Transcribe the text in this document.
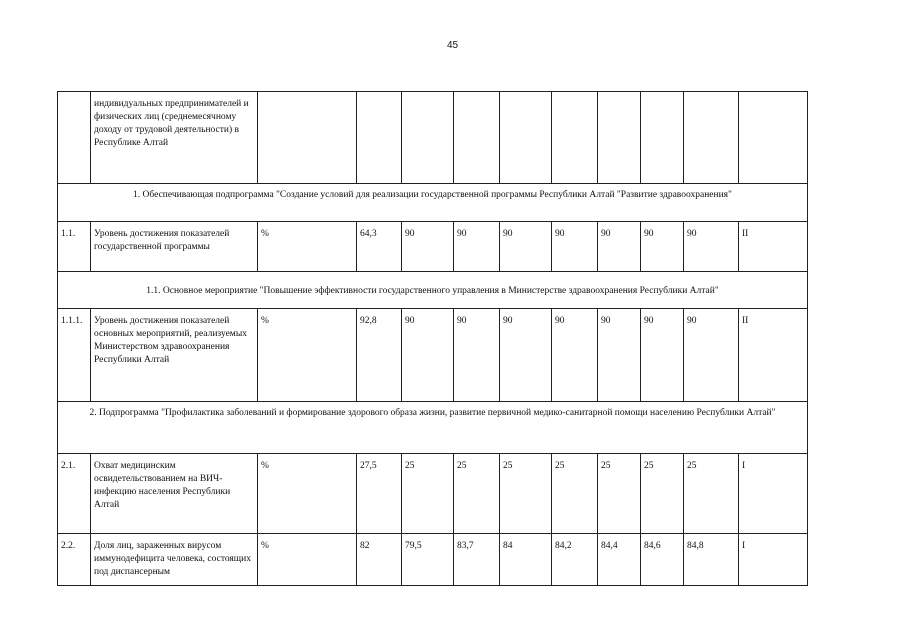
45
	индивидуальных предпринимателей и физических лиц (среднемесячному доходу от трудовой деятельности) в Республике Алтай										
1. Обеспечивающая подпрограмма "Создание условий для реализации государственной программы Республики Алтай "Развитие здравоохранения"											
1.1.	Уровень достижения показателей государственной программы	%	64,3	90	90	90	90	90	90	90	II
1.1. Основное мероприятие "Повышение эффективности государственного управления в Министерстве здравоохранения Республики Алтай"											
1.1.1.	Уровень достижения показателей основных мероприятий, реализуемых Министерством здравоохранения Республики Алтай	%	92,8	90	90	90	90	90	90	90	II
2. Подпрограмма "Профилактика заболеваний и формирование здорового образа жизни, развитие первичной медико-санитарной помощи населению Республики Алтай"											
2.1.	Охват медицинским освидетельствованием на ВИЧ-инфекцию населения Республики Алтай	%	27,5	25	25	25	25	25	25	25	I
2.2.	Доля лиц, зараженных вирусом иммунодефицита человека, состоящих под диспансерным	%	82	79,5	83,7	84	84,2	84,4	84,6	84,8	I
